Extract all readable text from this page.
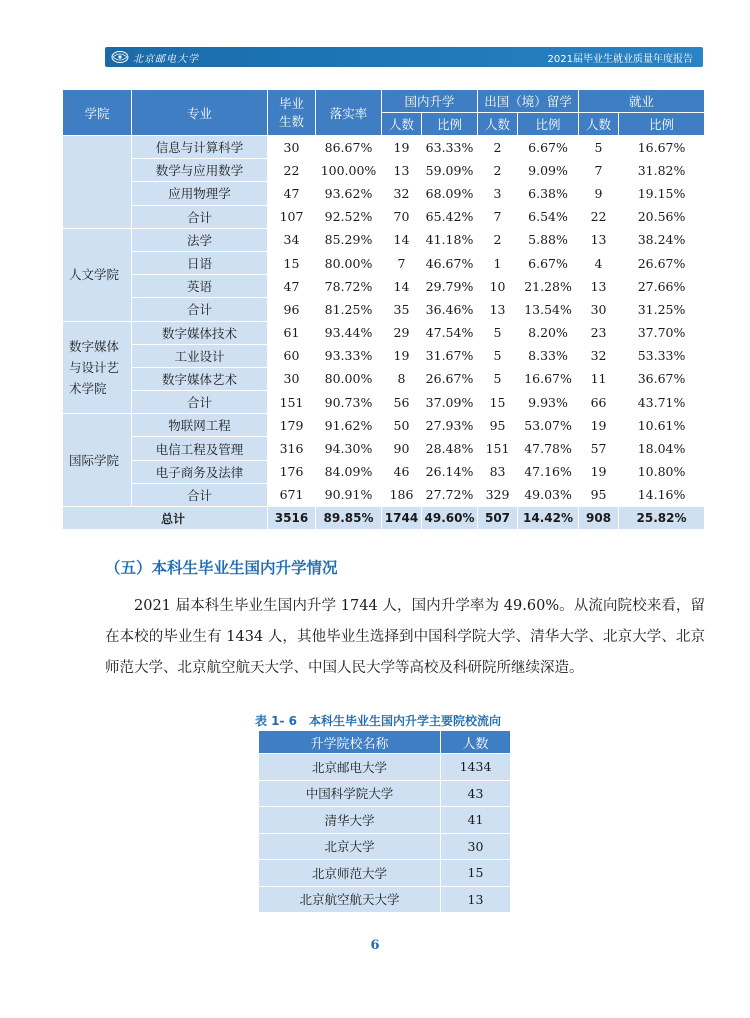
北京邮电大学	2021届毕业生就业质量年度报告
学院	专业	毕业生数	落实率	国内升学		出国（境）留学		就业	
				人数	比例	人数	比例	人数	比例
	信息与计算科学	30	86.67%	19	63.33%	2	6.67%	5	16.67%
	数学与应用数学	22	100.00%	13	59.09%	2	9.09%	7	31.82%
	应用物理学	47	93.62%	32	68.09%	3	6.38%	9	19.15%
	合计	107	92.52%	70	65.42%	7	6.54%	22	20.56%
人文学院	法学	34	85.29%	14	41.18%	2	5.88%	13	38.24%
	日语	15	80.00%	7	46.67%	1	6.67%	4	26.67%
	英语	47	78.72%	14	29.79%	10	21.28%	13	27.66%
	合计	96	81.25%	35	36.46%	13	13.54%	30	31.25%
数字媒体与设计艺术学院	数字媒体技术	61	93.44%	29	47.54%	5	8.20%	23	37.70%
	工业设计	60	93.33%	19	31.67%	5	8.33%	32	53.33%
	数字媒体艺术	30	80.00%	8	26.67%	5	16.67%	11	36.67%
	合计	151	90.73%	56	37.09%	15	9.93%	66	43.71%
国际学院	物联网工程	179	91.62%	50	27.93%	95	53.07%	19	10.61%
	电信工程及管理	316	94.30%	90	28.48%	151	47.78%	57	18.04%
	电子商务及法律	176	84.09%	46	26.14%	83	47.16%	19	10.80%
	合计	671	90.91%	186	27.72%	329	49.03%	95	14.16%
总计		3516	89.85%	1744	49.60%	507	14.42%	908	25.82%
（五）本科生毕业生国内升学情况
2021 届本科生毕业生国内升学 1744 人，国内升学率为 49.60%。从流向院校来看，留在本校的毕业生有 1434 人，其他毕业生选择到中国科学院大学、清华大学、北京大学、北京师范大学、北京航空航天大学、中国人民大学等高校及科研院所继续深造。
表 1- 6　本科生毕业生国内升学主要院校流向
升学院校名称	人数
北京邮电大学	1434
中国科学院大学	43
清华大学	41
北京大学	30
北京师范大学	15
北京航空航天大学	13
6
